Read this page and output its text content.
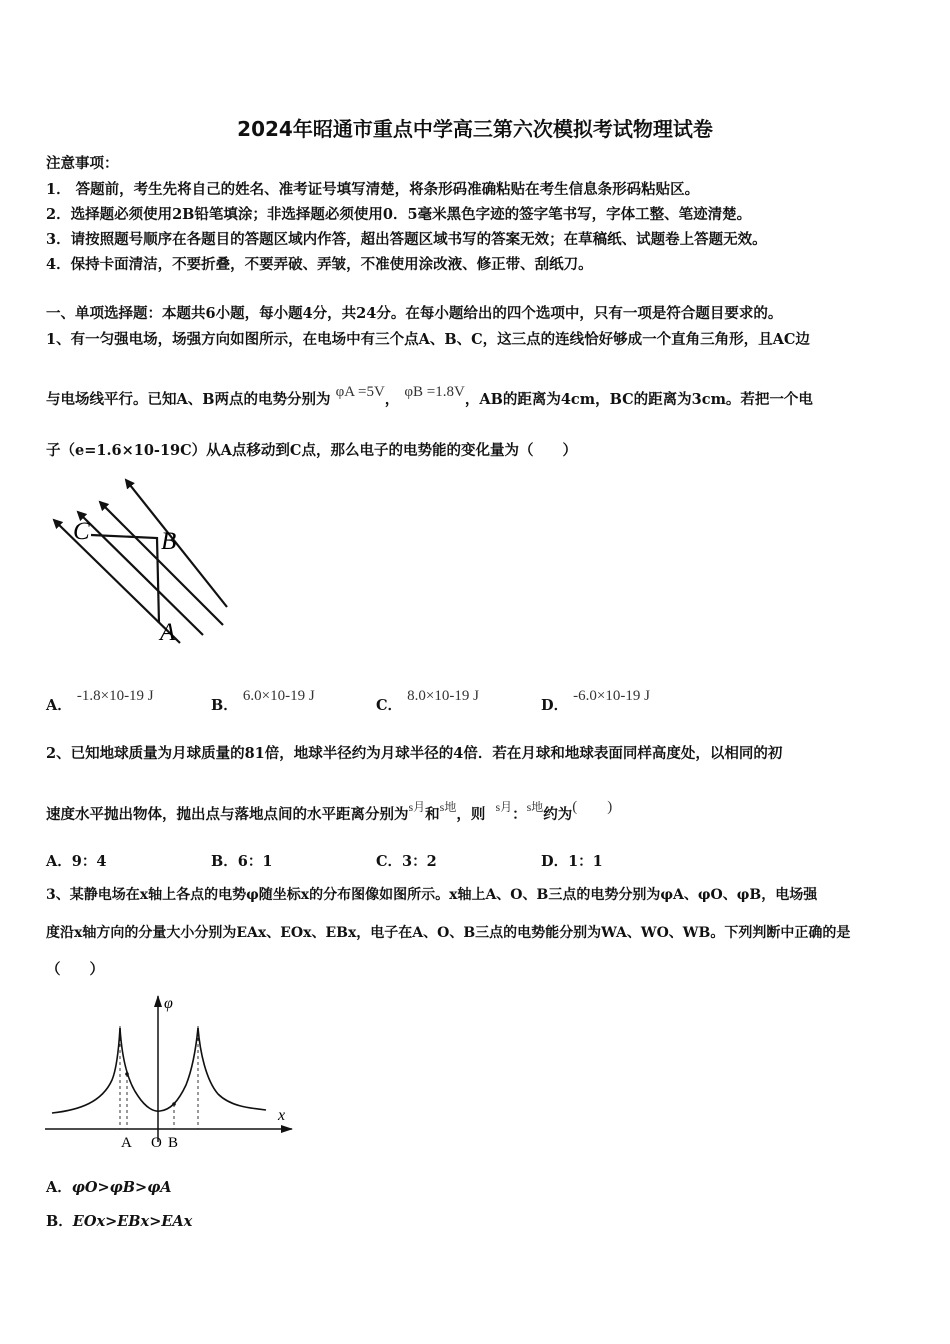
2024年昭通市重点中学高三第六次模拟考试物理试卷
注意事项：
1． 答题前，考生先将自己的姓名、准考证号填写清楚，将条形码准确粘贴在考生信息条形码粘贴区。
2．选择题必须使用2B铅笔填涂；非选择题必须使用0．5毫米黑色字迹的签字笔书写，字体工整、笔迹清楚。
3．请按照题号顺序在各题目的答题区域内作答，超出答题区域书写的答案无效；在草稿纸、试题卷上答题无效。
4．保持卡面清洁，不要折叠，不要弄破、弄皱，不准使用涂改液、修正带、刮纸刀。
一、单项选择题：本题共6小题，每小题4分，共24分。在每小题给出的四个选项中，只有一项是符合题目要求的。
1、有一匀强电场，场强方向如图所示，在电场中有三个点A、B、C，这三点的连线恰好够成一个直角三角形，且AC边
与电场线平行。已知A、B两点的电势分别为 φA =5V， φB =1.8V，AB的距离为4cm，BC的距离为3cm。若把一个电
子（e=1.6×10-19C）从A点移动到C点，那么电子的电势能的变化量为（　　）
C	B
A
A． -1.8×10-19 J
B． 6.0×10-19 J
C． 8.0×10-19 J
D． -6.0×10-19 J
2、已知地球质量为月球质量的81倍，地球半径约为月球半径的4倍．若在月球和地球表面同样高度处，以相同的初
速度水平抛出物体，抛出点与落地点间的水平距离分别为$^{s月}$和$^{s地}$，则 $^{s月}$：$^{s地}$约为(　　)
A．9：4	B．6：1	C．3：2	D．1：1
3、某静电场在x轴上各点的电势φ随坐标x的分布图像如图所示。x轴上A、O、B三点的电势分别为φA、φO、φB，电场强
度沿x轴方向的分量大小分别为EAx、EOx、EBx，电子在A、O、B三点的电势能分别为WA、WO、WB。下列判断中正确的是
（　　）
φ
x
A O B
A．φO>φB>φA
B．EOx>EBx>EAx
